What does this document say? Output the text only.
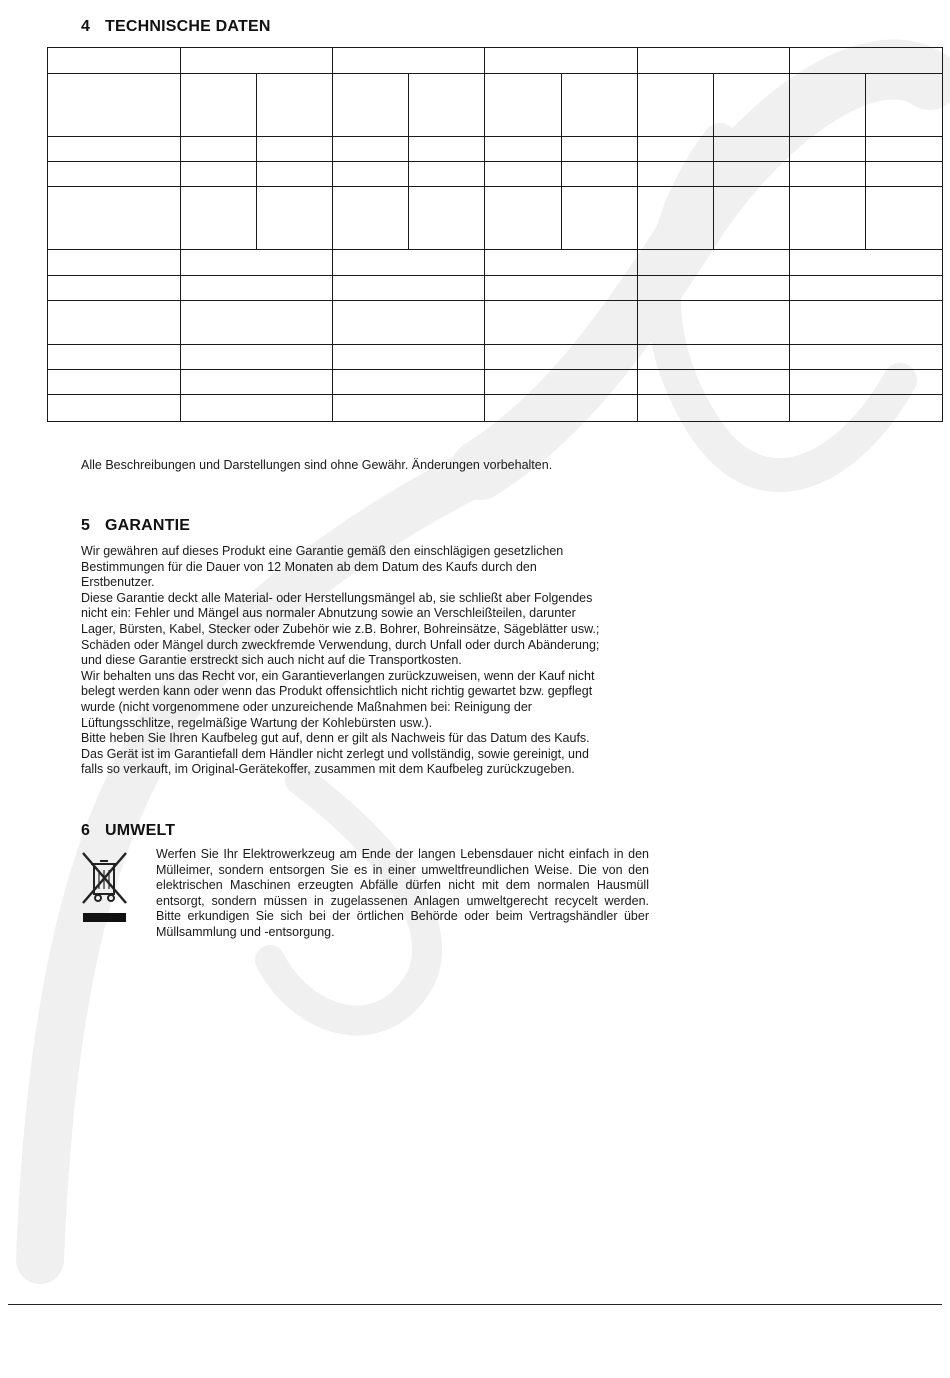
4 TECHNISCHE DATEN

Alle Beschreibungen und Darstellungen sind ohne Gewähr. Änderungen vorbehalten.

5 GARANTIE

Wir gewähren auf dieses Produkt eine Garantie gemäß den einschlägigen gesetzlichen

Bestimmungen für die Dauer von 12 Monaten ab dem Datum des Kaufs durch den

Erstbenutzer.

Diese Garantie deckt alle Material- oder Herstellungsmängel ab, sie schließt aber Folgendes

nicht ein: Fehler und Mängel aus normaler Abnutzung sowie an Verschleißteilen, darunter

Lager, Bürsten, Kabel, Stecker oder Zubehör wie z.B. Bohrer, Bohreinsätze, Sägeblätter usw.;

Schäden oder Mängel durch zweckfremde Verwendung, durch Unfall oder durch Abänderung;

und diese Garantie erstreckt sich auch nicht auf die Transportkosten.

Wir behalten uns das Recht vor, ein Garantieverlangen zurückzuweisen, wenn der Kauf nicht

belegt werden kann oder wenn das Produkt offensichtlich nicht richtig gewartet bzw. gepflegt

wurde (nicht vorgenommene oder unzureichende Maßnahmen bei: Reinigung der

Lüftungsschlitze, regelmäßige Wartung der Kohlebürsten usw.).

Bitte heben Sie Ihren Kaufbeleg gut auf, denn er gilt als Nachweis für das Datum des Kaufs.

Das Gerät ist im Garantiefall dem Händler nicht zerlegt und vollständig, sowie gereinigt, und

falls so verkauft, im Original-Gerätekoffer, zusammen mit dem Kaufbeleg zurückzugeben.

6 UMWELT

Werfen Sie Ihr Elektrowerkzeug am Ende der langen Lebensdauer nicht einfach in den Mülleimer, sondern entsorgen Sie es in einer umweltfreundlichen Weise. Die von den elektrischen Maschinen erzeugten Abfälle dürfen nicht mit dem normalen Hausmüll entsorgt, sondern müssen in zugelassenen Anlagen umweltgerecht recycelt werden. Bitte erkundigen Sie sich bei der örtlichen Behörde oder beim Vertragshändler über Müllsammlung und -entsorgung.
